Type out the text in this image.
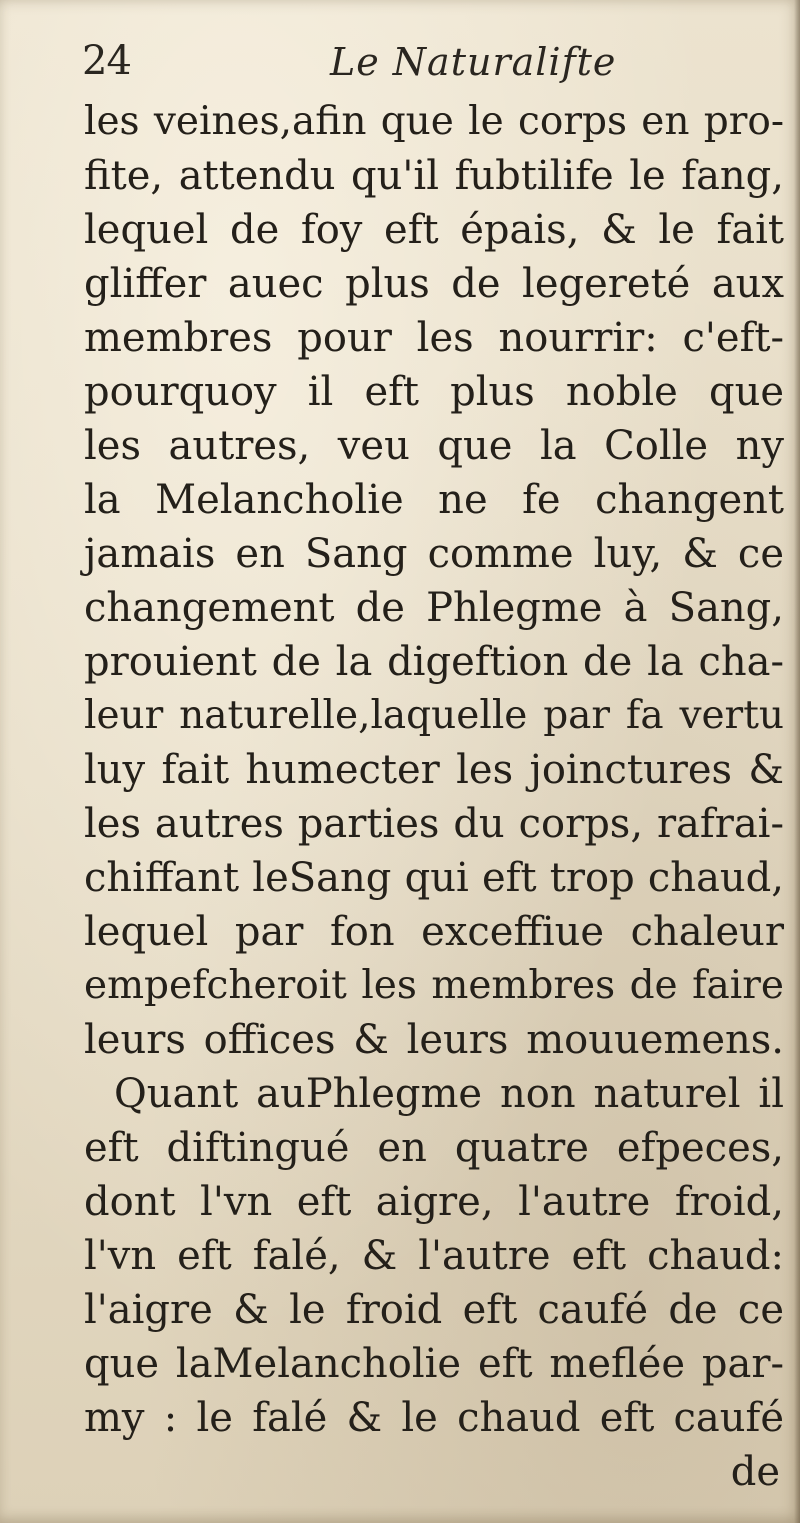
24	Le Naturalifte
les veines,afin que le corps en pro-
fite, attendu qu'il fubtilife le fang,
lequel de foy eft épais, & le fait
gliffer auec plus de legereté aux
membres pour les nourrir: c'eft-
pourquoy il eft plus noble que
les autres, veu que la Colle ny
la Melancholie ne fe changent
jamais en Sang comme luy, & ce
changement de Phlegme à Sang,
prouient de la digeftion de la cha-
leur naturelle,laquelle par fa vertu
luy fait humecter les joinctures &
les autres parties du corps, rafrai-
chiffant leSang qui eft trop chaud,
lequel par fon exceffiue chaleur
empefcheroit les membres de faire
leurs offices & leurs mouuemens.
Quant auPhlegme non naturel il
eft diftingué en quatre efpeces,
dont l'vn eft aigre, l'autre froid,
l'vn eft falé, & l'autre eft chaud:
l'aigre & le froid eft caufé de ce
que laMelancholie eft meflée par-
my : le falé & le chaud eft caufé
de
